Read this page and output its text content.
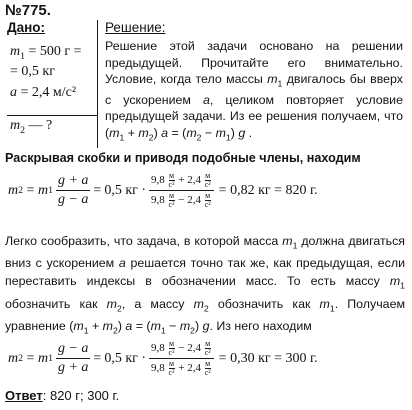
№775.
Дано:
$m_1 = 500$ г =
= 0,5 кг
a = 2,4 м/с²
$m_2$ — ?
Решение:
Решение этой задачи основано на решении предыдущей. Прочитайте его внимательно. Условие, когда тело массы $m_1$ двигалось бы вверх с ускорением a, целиком повторяет условие предыдущей задачи. Из ее решения получаем, что $(m_1 + m_2) a = (m_2 - m_1)$ g .
Раскрывая скобки и приводя подобные члены, находим
m 2 = m $1 \frac{g + a}{g - a} = 0,5$ кг · $\frac{9,8 \frac{м}{\text{с²}} + 2,4 \frac{м}{\text{с²}}}{9,8 \frac{м}{\text{с²}} - 2,4 \frac{м}{\text{с²}}} = 0,82$ кг = 820 г.
Легко сообразить, что задача, в которой масса $m_1$ должна двигаться вниз с ускорением a решается точно так же, как предыдущая, если переставить индексы в обозначении масс. То есть массу $m_1$ обозначить как $m_2$, а массу $m_2$ обозначить как $m_1$. Получаем уравнение $(m_1 + m_2) a = (m_1 - m_2)$ g. Из него находим
m 2 = m $1 \frac{g - a}{g + a} = 0,5$ кг · $\frac{9,8 \frac{м}{\text{с²}} - 2,4 \frac{м}{\text{с²}}}{9,8 \frac{м}{\text{с²}} + 2,4 \frac{м}{\text{с²}}} = 0,30$ кг = 300 г.
Ответ: 820 г; 300 г.
